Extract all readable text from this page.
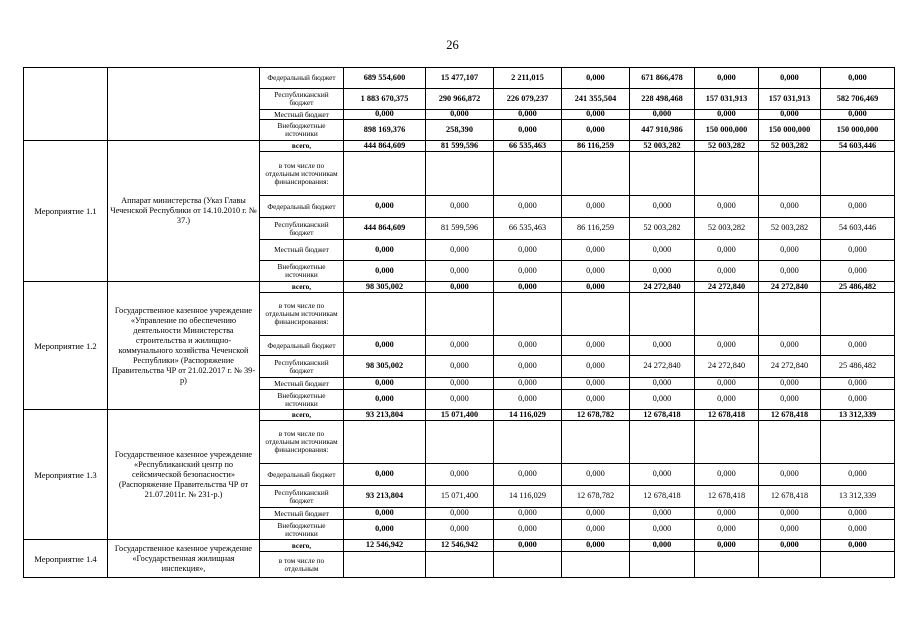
26
		Федеральный бюджет	689 554,600	15 477,107	2 211,015	0,000	671 866,478	0,000	0,000	0,000
		Республиканский бюджет	1 883 670,375	290 966,872	226 079,237	241 355,504	228 498,468	157 031,913	157 031,913	582 706,469
		Местный бюджет	0,000	0,000	0,000	0,000	0,000	0,000	0,000	0,000
		Внебюджетные источники	898 169,376	258,390	0,000	0,000	447 910,986	150 000,000	150 000,000	150 000,000
Мероприятие 1.1	Аппарат министерства (Указ Главы Чеченской Республики от 14.10.2010 г. № 37.)	всего,	444 864,609	81 599,596	66 535,463	86 116,259	52 003,282	52 003,282	52 003,282	54 603,446
		в том числе по отдельным источникам финансирования:								
		Федеральный бюджет	0,000	0,000	0,000	0,000	0,000	0,000	0,000	0,000
		Республиканский бюджет	444 864,609	81 599,596	66 535,463	86 116,259	52 003,282	52 003,282	52 003,282	54 603,446
		Местный бюджет	0,000	0,000	0,000	0,000	0,000	0,000	0,000	0,000
		Внебюджетные источники	0,000	0,000	0,000	0,000	0,000	0,000	0,000	0,000
Мероприятие 1.2	Государственное казенное учреждение «Управление по обеспечению деятельности Министерства строительства и жилищно-коммунального хозяйства Чеченской Республики» (Распоряжение Правительства ЧР от 21.02.2017 г. № 39-р)	всего,	98 305,002	0,000	0,000	0,000	24 272,840	24 272,840	24 272,840	25 486,482
		в том числе по отдельным источникам финансирования:								
		Федеральный бюджет	0,000	0,000	0,000	0,000	0,000	0,000	0,000	0,000
		Республиканский бюджет	98 305,002	0,000	0,000	0,000	24 272,840	24 272,840	24 272,840	25 486,482
		Местный бюджет	0,000	0,000	0,000	0,000	0,000	0,000	0,000	0,000
		Внебюджетные источники	0,000	0,000	0,000	0,000	0,000	0,000	0,000	0,000
Мероприятие 1.3	Государственное казенное учреждение «Республиканский центр по сейсмической безопасности» (Распоряжение Правительства ЧР от 21.07.2011г. № 231-р.)	всего,	93 213,804	15 071,400	14 116,029	12 678,782	12 678,418	12 678,418	12 678,418	13 312,339
		в том числе по отдельным источникам финансирования:								
		Федеральный бюджет	0,000	0,000	0,000	0,000	0,000	0,000	0,000	0,000
		Республиканский бюджет	93 213,804	15 071,400	14 116,029	12 678,782	12 678,418	12 678,418	12 678,418	13 312,339
		Местный бюджет	0,000	0,000	0,000	0,000	0,000	0,000	0,000	0,000
		Внебюджетные источники	0,000	0,000	0,000	0,000	0,000	0,000	0,000	0,000
Мероприятие 1.4	Государственное казенное учреждение «Государственная жилищная инспекция»,	всего,	12 546,942	12 546,942	0,000	0,000	0,000	0,000	0,000	0,000
		в том числе по отдельным								
